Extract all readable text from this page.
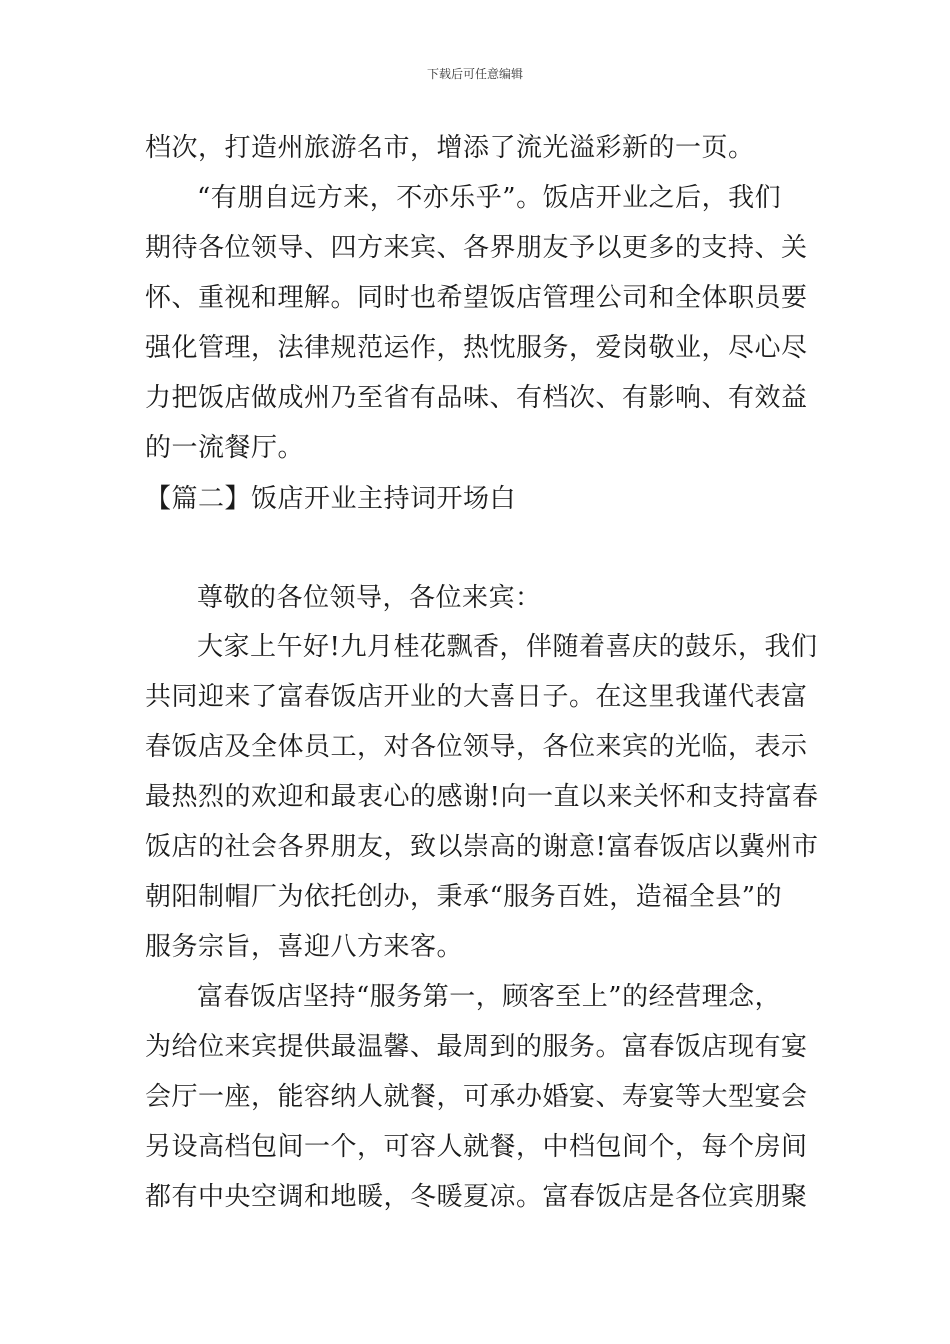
下载后可任意编辑
档次，打造州旅游名市，增添了流光溢彩新的一页。
“有朋自远方来，不亦乐乎”。饭店开业之后，我们
期待各位领导、四方来宾、各界朋友予以更多的支持、关
怀、重视和理解。同时也希望饭店管理公司和全体职员要
强化管理，法律规范运作，热忱服务，爱岗敬业，尽心尽
力把饭店做成州乃至省有品味、有档次、有影响、有效益
的一流餐厅。
【篇二】饭店开业主持词开场白
尊敬的各位领导，各位来宾：
大家上午好!九月桂花飘香，伴随着喜庆的鼓乐，我们
共同迎来了富春饭店开业的大喜日子。在这里我谨代表富
春饭店及全体员工，对各位领导，各位来宾的光临，表示
最热烈的欢迎和最衷心的感谢!向一直以来关怀和支持富春
饭店的社会各界朋友，致以崇高的谢意!富春饭店以冀州市
朝阳制帽厂为依托创办，秉承“服务百姓，造福全县”的
服务宗旨，喜迎八方来客。
富春饭店坚持“服务第一，顾客至上”的经营理念，
为给位来宾提供最温馨、最周到的服务。富春饭店现有宴
会厅一座，能容纳人就餐，可承办婚宴、寿宴等大型宴会
另设高档包间一个，可容人就餐，中档包间个，每个房间
都有中央空调和地暖，冬暖夏凉。富春饭店是各位宾朋聚
